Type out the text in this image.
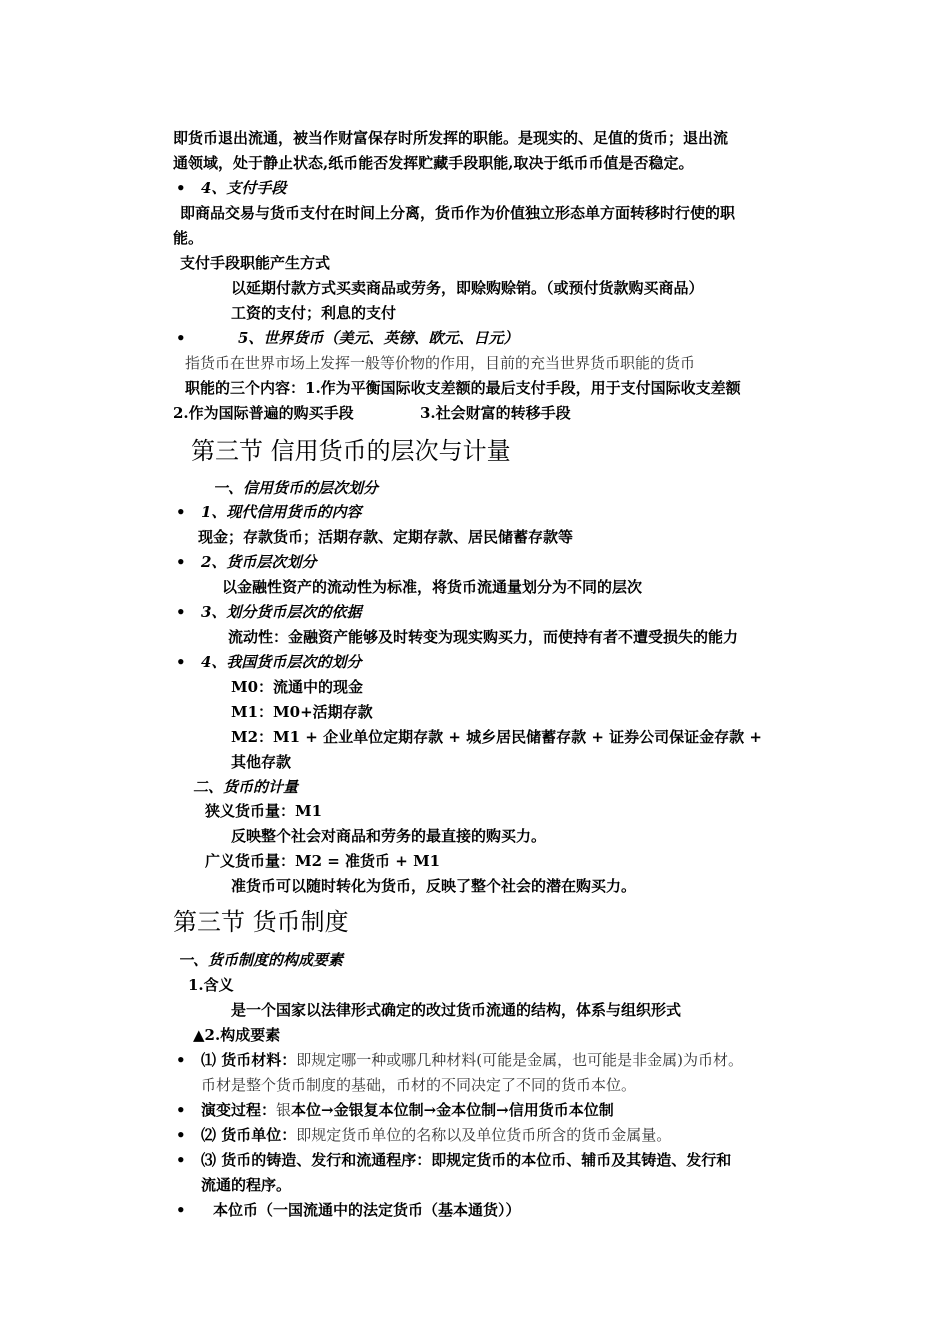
即货币退出流通，被当作财富保存时所发挥的职能。是现实的、足值的货币；退出流
通领域，处于静止状态,纸币能否发挥贮藏手段职能,取决于纸币币值是否稳定。
• 4、支付手段
即商品交易与货币支付在时间上分离，货币作为价值独立形态单方面转移时行使的职
能。
支付手段职能产生方式
以延期付款方式买卖商品或劳务，即赊购赊销。（或预付货款购买商品）
工资的支付；利息的支付
•	5、世界货币（美元、英镑、欧元、日元）
指货币在世界市场上发挥一般等价物的作用，目前的充当世界货币职能的货币
职能的三个内容：1.作为平衡国际收支差额的最后支付手段，用于支付国际收支差额
2.作为国际普遍的购买手段	3.社会财富的转移手段
第三节 信用货币的层次与计量
一、信用货币的层次划分
• 1、现代信用货币的内容
现金；存款货币；活期存款、定期存款、居民储蓄存款等
• 2、货币层次划分
以金融性资产的流动性为标准，将货币流通量划分为不同的层次
• 3、划分货币层次的依据
流动性：金融资产能够及时转变为现实购买力，而使持有者不遭受损失的能力
• 4、我国货币层次的划分
M0：流通中的现金
M1：M0+活期存款
M2：M1 + 企业单位定期存款 + 城乡居民储蓄存款 + 证券公司保证金存款 +
其他存款
二、货币的计量
狭义货币量：M1
反映整个社会对商品和劳务的最直接的购买力。
广义货币量：M2 = 准货币 + M1
准货币可以随时转化为货币，反映了整个社会的潜在购买力。
第三节 货币制度
一、货币制度的构成要素
1.含义
是一个国家以法律形式确定的改过货币流通的结构，体系与组织形式
▲2.构成要素
• ⑴ 货币材料：即规定哪一种或哪几种材料(可能是金属，也可能是非金属)为币材。
币材是整个货币制度的基础，币材的不同决定了不同的货币本位。
• 演变过程：银本位→金银复本位制→金本位制→信用货币本位制
• ⑵ 货币单位：即规定货币单位的名称以及单位货币所含的货币金属量。
• ⑶ 货币的铸造、发行和流通程序：即规定货币的本位币、辅币及其铸造、发行和
流通的程序。
• 本位币（一国流通中的法定货币（基本通货））
